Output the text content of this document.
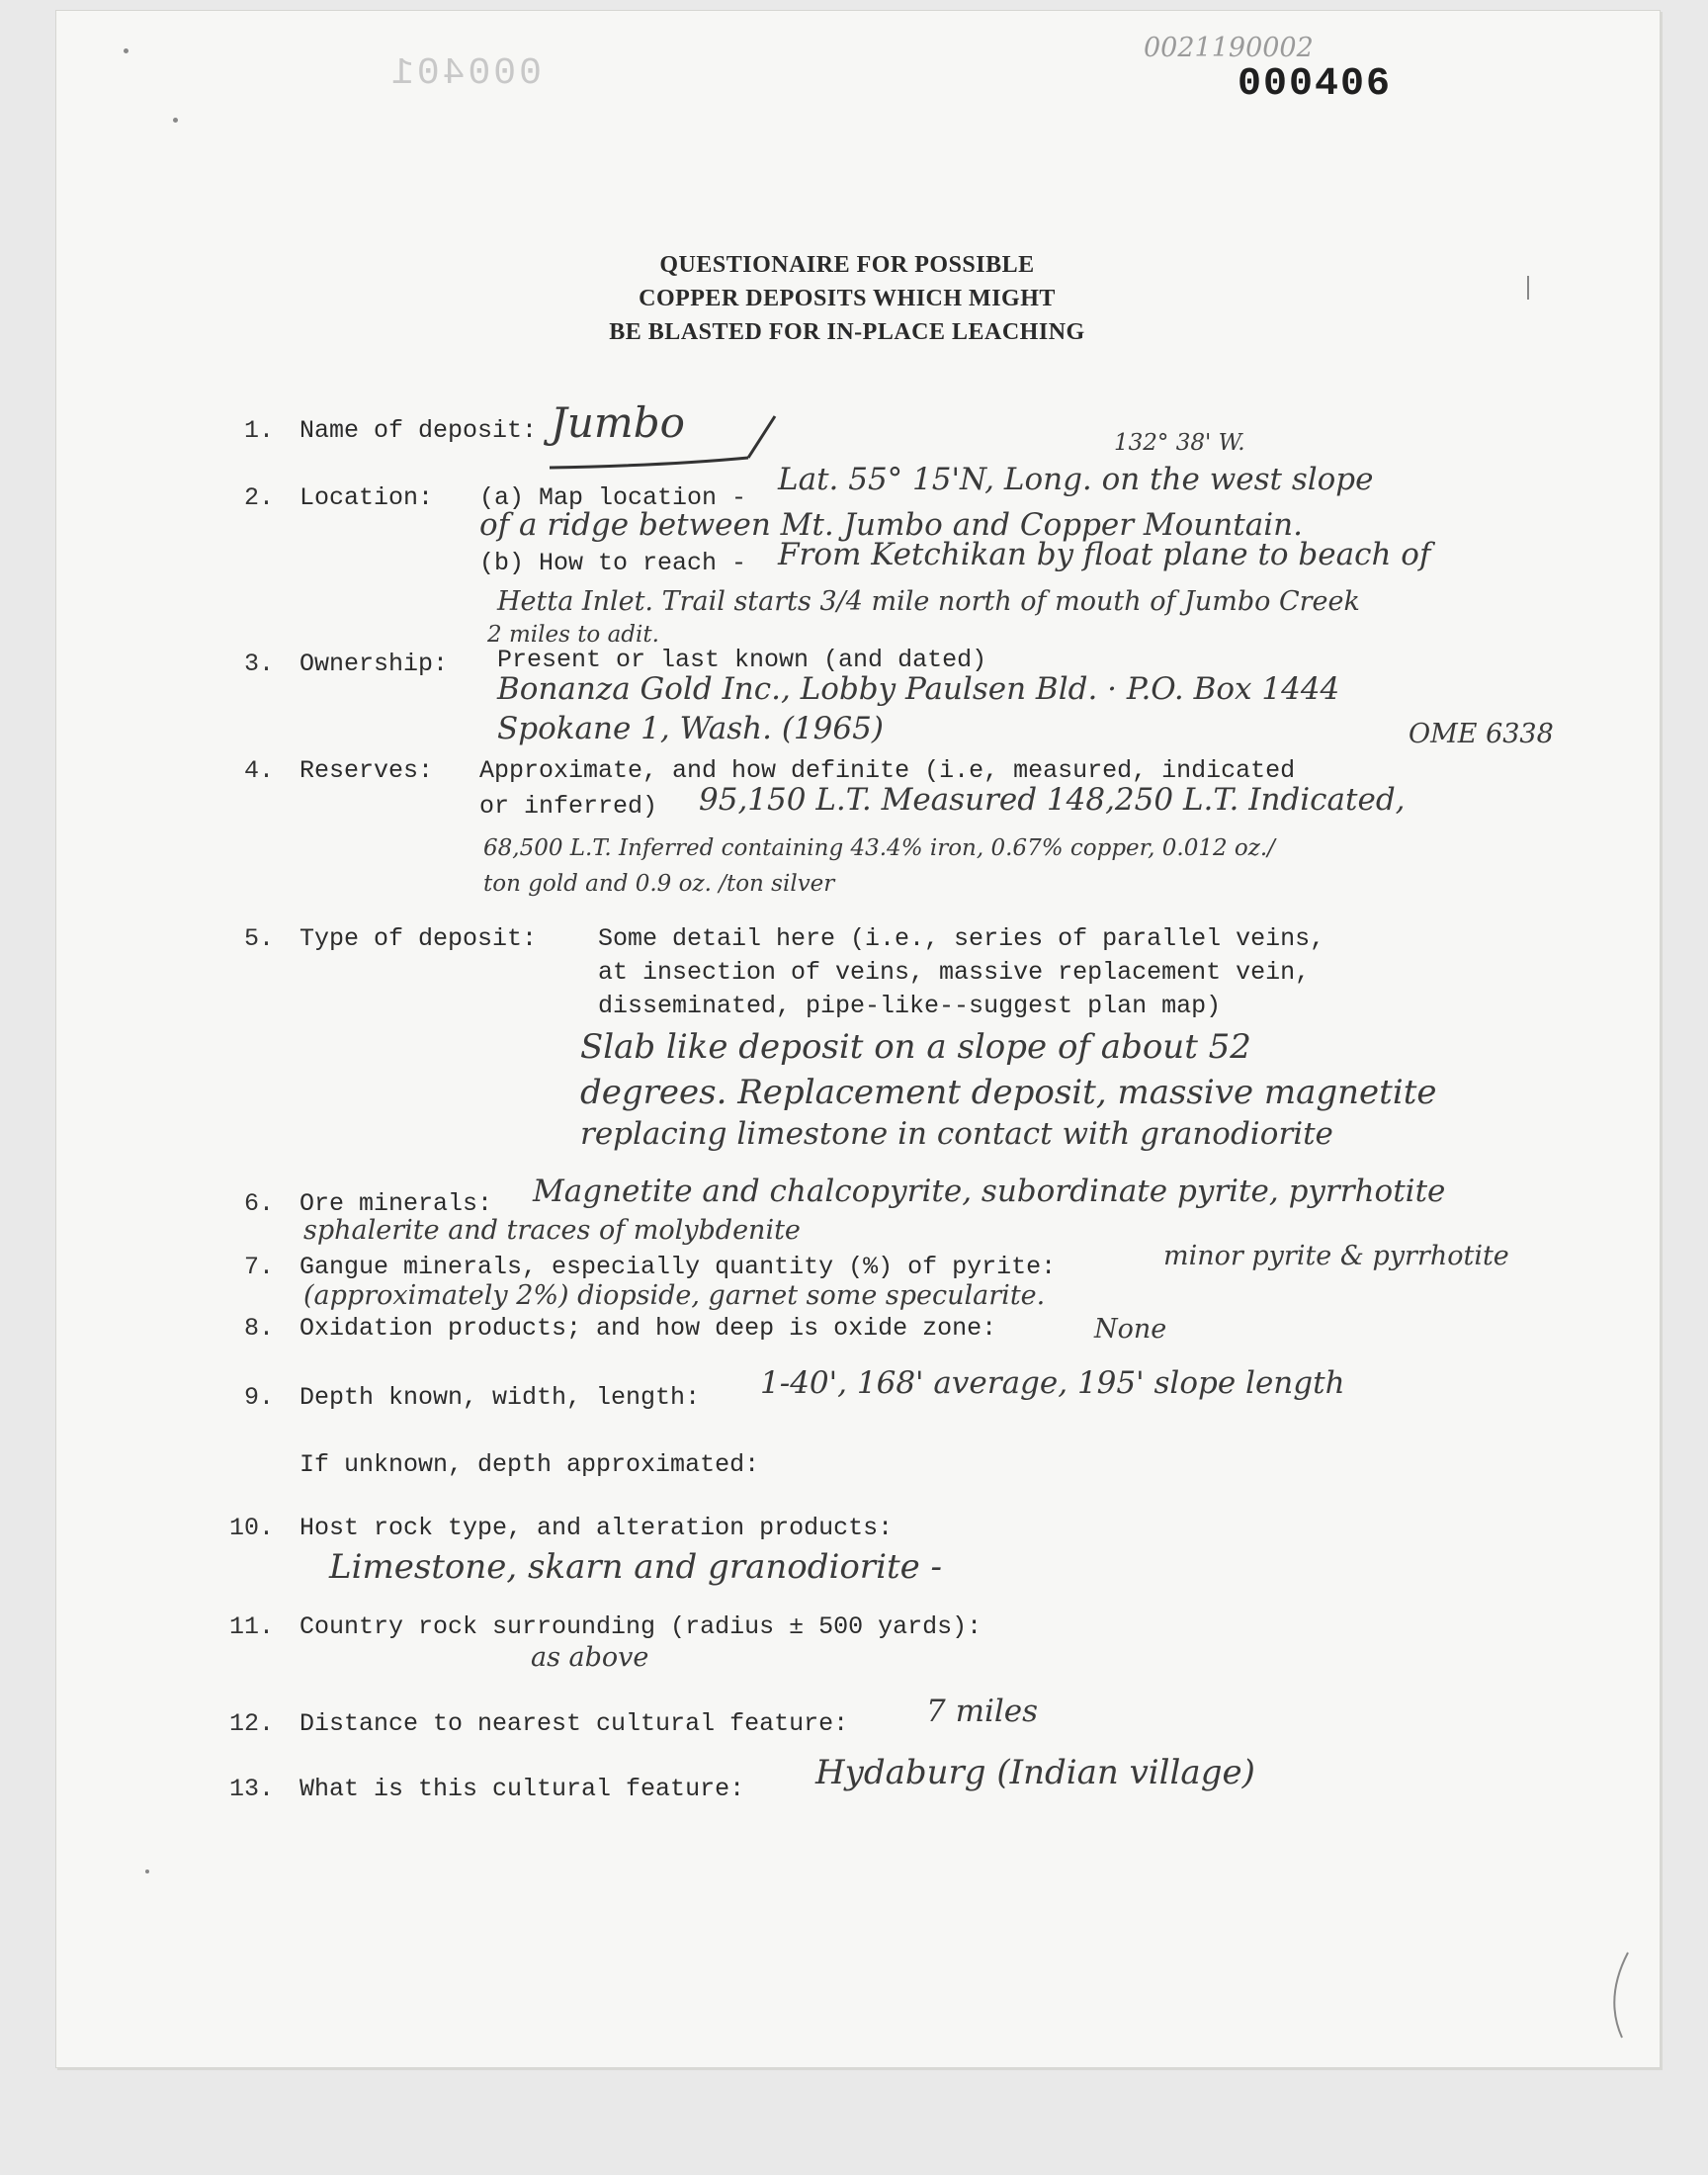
000401
0021190002
000406
QUESTIONAIRE FOR POSSIBLE
COPPER DEPOSITS WHICH MIGHT
BE BLASTED FOR IN-PLACE LEACHING
1. Name of deposit: Jumbo
2. Location:
132° 38' W.
(a) Map location -
Lat. 55° 15'N, Long. on the west slope
of a ridge between Mt. Jumbo and Copper Mountain.
(b) How to reach - From Ketchikan by float plane to beach of
Hetta Inlet. Trail starts 3/4 mile north of mouth of Jumbo Creek
2 miles to adit.
3. Ownership: Present or last known (and dated)
Bonanza Gold Inc., Lobby Paulsen Bld. · P.O. Box 1444
Spokane 1, Wash. (1965)	OME 6338
4. Reserves: Approximate, and how definite (i.e, measured, indicated
or inferred) 95,150 L.T. Measured 148,250 L.T. Indicated,
68,500 L.T. Inferred containing 43.4% iron, 0.67% copper, 0.012 oz./
ton gold and 0.9 oz. /ton silver
5. Type of deposit: Some detail here (i.e., series of parallel veins,
at insection of veins, massive replacement vein,
disseminated, pipe-like--suggest plan map)
Slab like deposit on a slope of about 52
degrees. Replacement deposit, massive magnetite
replacing limestone in contact with granodiorite
6. Ore minerals: Magnetite and chalcopyrite, subordinate pyrite, pyrrhotite
sphalerite and traces of molybdenite
7. Gangue minerals, especially quantity (%) of pyrite:	minor pyrite & pyrrhotite
(approximately 2%) diopside, garnet some specularite.
8. Oxidation products; and how deep is oxide zone:	None
9. Depth known, width, length: 1-40', 168' average, 195' slope length
If unknown, depth approximated:
10. Host rock type, and alteration products:
Limestone, skarn and granodiorite -
11. Country rock surrounding (radius ± 500 yards):
as above
12. Distance to nearest cultural feature:	7 miles
13. What is this cultural feature: Hydaburg (Indian village)
